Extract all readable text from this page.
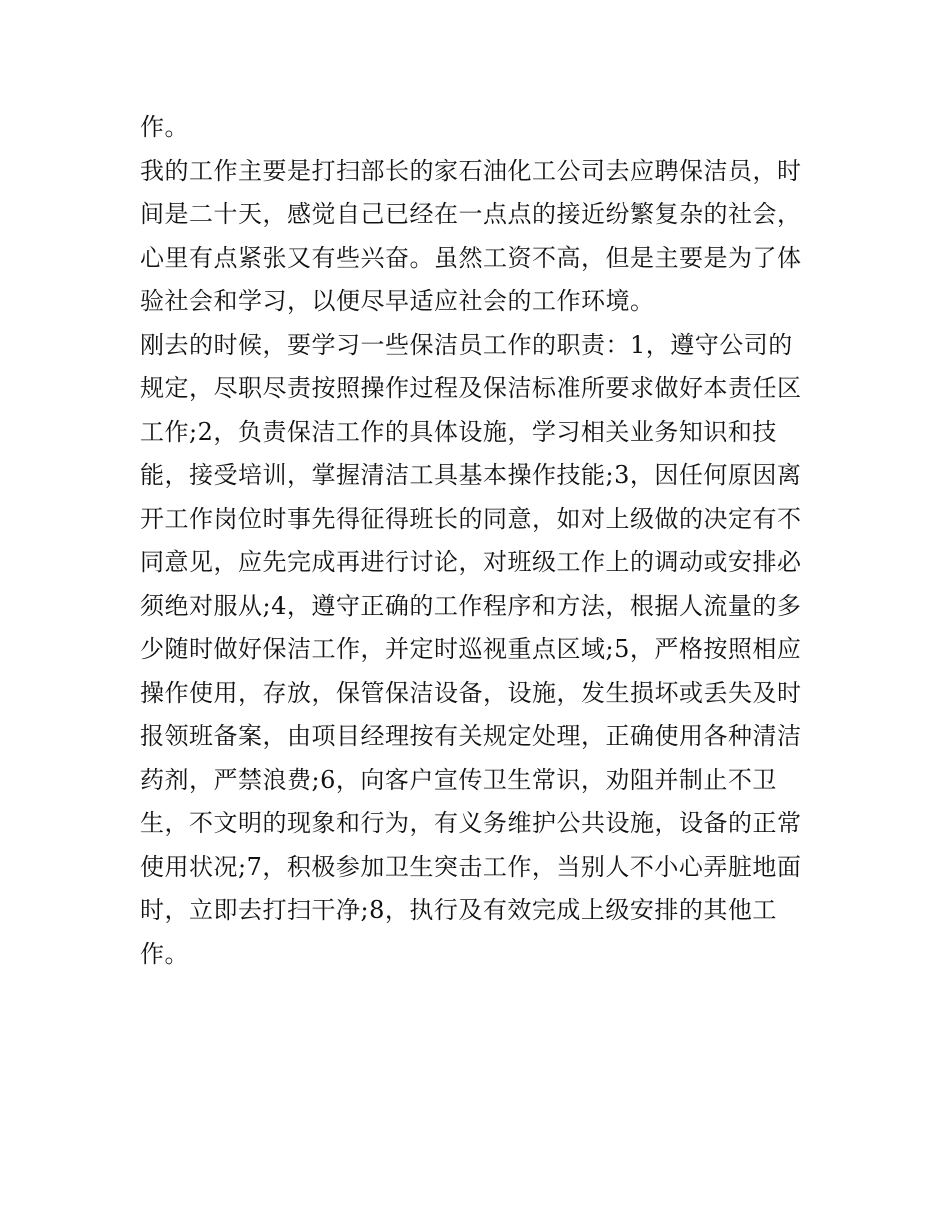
作。
我的工作主要是打扫部长的家石油化工公司去应聘保洁员，时
间是二十天，感觉自己已经在一点点的接近纷繁复杂的社会，
心里有点紧张又有些兴奋。虽然工资不高，但是主要是为了体
验社会和学习，以便尽早适应社会的工作环境。
刚去的时候，要学习一些保洁员工作的职责：1，遵守公司的
规定，尽职尽责按照操作过程及保洁标准所要求做好本责任区
工作;2，负责保洁工作的具体设施，学习相关业务知识和技
能，接受培训，掌握清洁工具基本操作技能;3，因任何原因离
开工作岗位时事先得征得班长的同意，如对上级做的决定有不
同意见，应先完成再进行讨论，对班级工作上的调动或安排必
须绝对服从;4，遵守正确的工作程序和方法，根据人流量的多
少随时做好保洁工作，并定时巡视重点区域;5，严格按照相应
操作使用，存放，保管保洁设备，设施，发生损坏或丢失及时
报领班备案，由项目经理按有关规定处理，正确使用各种清洁
药剂，严禁浪费;6，向客户宣传卫生常识，劝阻并制止不卫
生，不文明的现象和行为，有义务维护公共设施，设备的正常
使用状况;7，积极参加卫生突击工作，当别人不小心弄脏地面
时，立即去打扫干净;8，执行及有效完成上级安排的其他工
作。
